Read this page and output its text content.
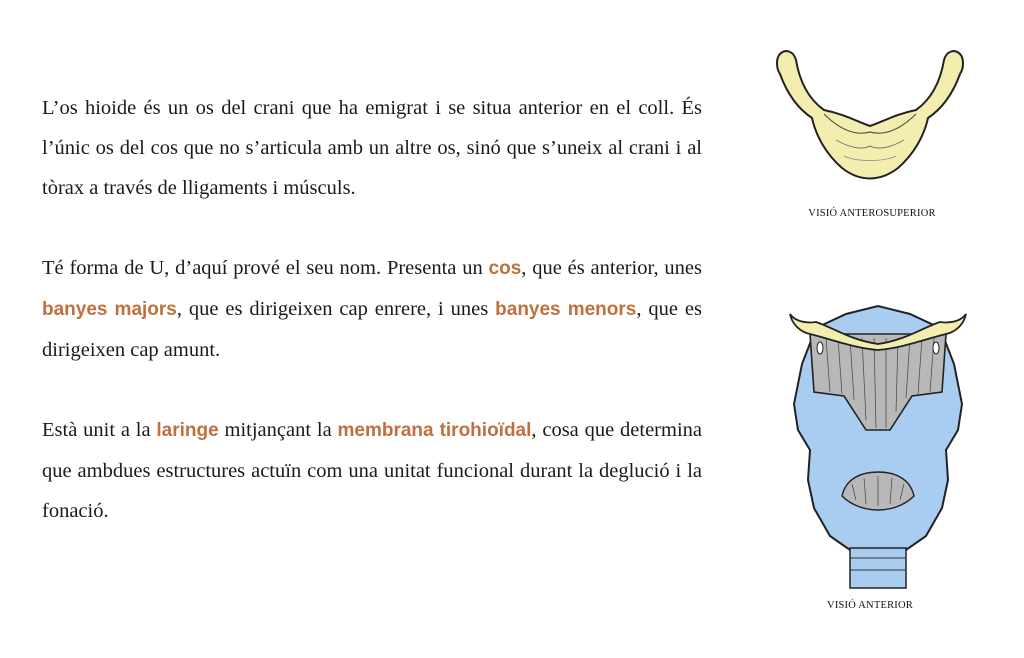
L’os hioide és un os del crani que ha emigrat i se situa anterior en el coll. És l’únic os del cos que no s’articula amb un altre os, sinó que s’uneix al crani i al tòrax a través de lligaments i músculs.

Té forma de U, d’aquí prové el seu nom. Presenta un cos, que és anterior, unes banyes majors, que es dirigeixen cap enrere, i unes banyes menors, que es dirigeixen cap amunt.

Està unit a la laringe mitjançant la membrana tirohioïdal, cosa que determina que ambdues estructures actuïn com una unitat funcional durant la deglució i la fonació.

VISIÓ ANTEROSUPERIOR
VISIÓ ANTERIOR
